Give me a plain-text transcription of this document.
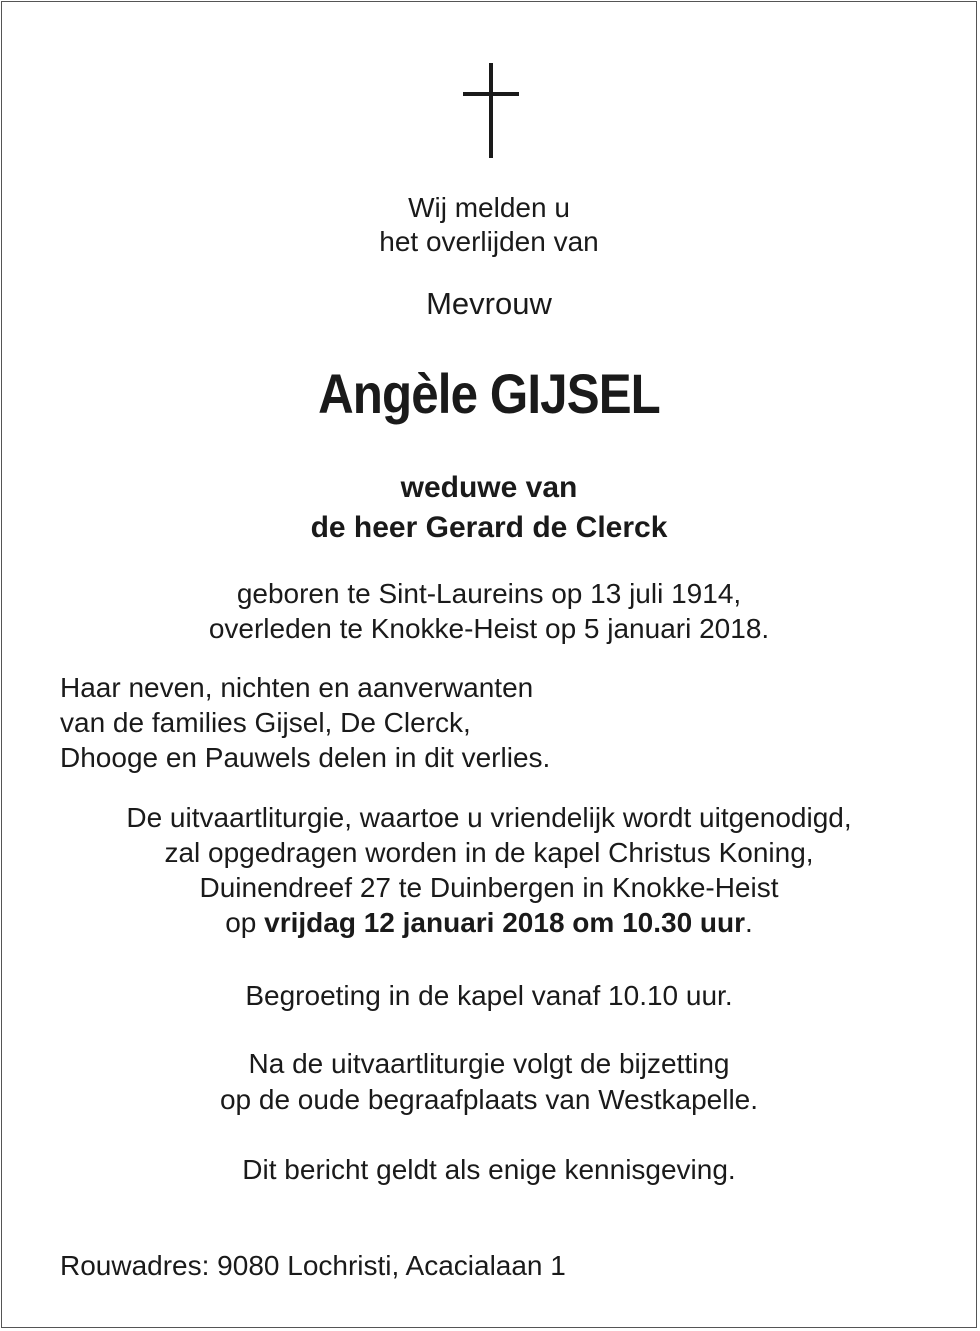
Wij melden u
het overlijden van
Mevrouw
Angèle GIJSEL
weduwe van
de heer Gerard de Clerck
geboren te Sint-Laureins op 13 juli 1914,
overleden te Knokke-Heist op 5 januari 2018.
Haar neven, nichten en aanverwanten
van de families Gijsel, De Clerck,
Dhooge en Pauwels delen in dit verlies.
De uitvaartliturgie, waartoe u vriendelijk wordt uitgenodigd,
zal opgedragen worden in de kapel Christus Koning,
Duinendreef 27 te Duinbergen in Knokke-Heist
op vrijdag 12 januari 2018 om 10.30 uur.
Begroeting in de kapel vanaf 10.10 uur.
Na de uitvaartliturgie volgt de bijzetting
op de oude begraafplaats van Westkapelle.
Dit bericht geldt als enige kennisgeving.
Rouwadres: 9080 Lochristi, Acacialaan 1
